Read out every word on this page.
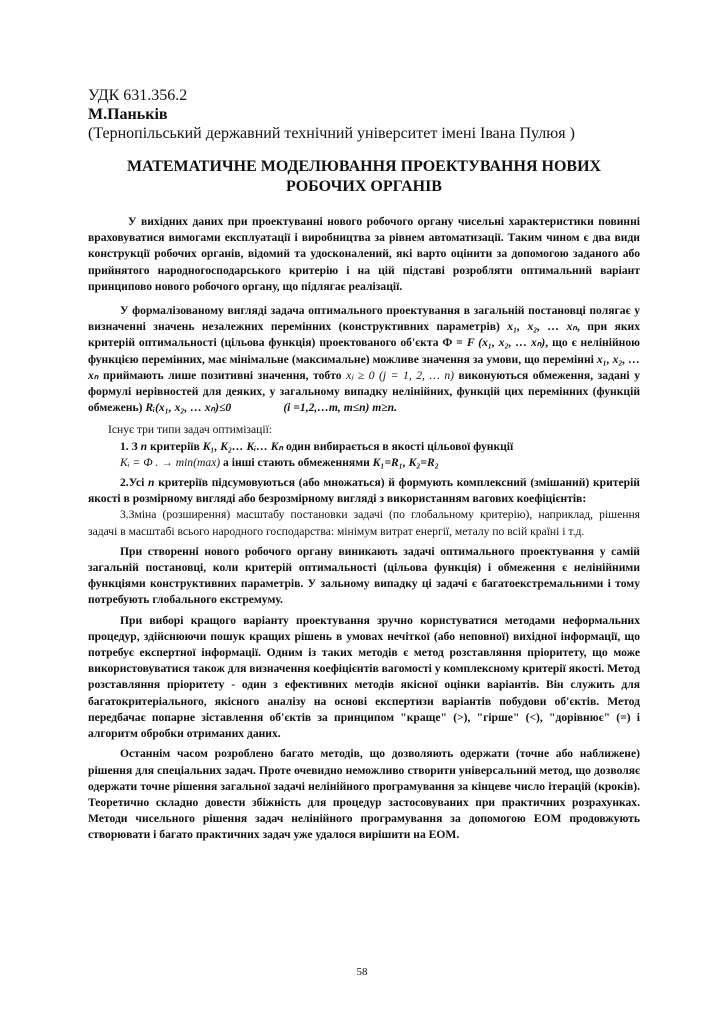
УДК 631.356.2
М.Паньків
(Тернопільський державний технічний університет імені Івана Пулюя )
МАТЕМАТИЧНЕ МОДЕЛЮВАННЯ ПРОЕКТУВАННЯ НОВИХ
РОБОЧИХ ОРГАНІВ

У вихідних даних при проектуванні нового робочого органу чисельні характеристики повинні враховуватися вимогами експлуатації і виробництва за рівнем автоматизації. Таким чином є два види конструкції робочих органів, відомий та удосконалений, які варто оцінити за допомогою заданого або прийнятого народногосподарського критерію і на цій підставі розробляти оптимальний варіант принципово нового робочого органу, що підлягає реалізації.

У формалізованому вигляді задача оптимального проектування в загальній постановці полягає у визначенні значень незалежних перемінних (конструктивних параметрів) x₁, x₂, … xₙ, при яких критерій оптимальності (цільова функція) проектованого об'єкта Ф = F (x₁, x₂, … xₙ), що є нелінійною функцією перемінних, має мінімальне (максимальне) можливе значення за умови, що перемінні x₁, x₂, … xₙ приймають лише позитивні значення, тобто xⱼ ≥ 0 (j = 1, 2, … n) виконуються обмеження, задані у формулі нерівностей для деяких, у загальному випадку нелінійних, функцій цих перемінних (функцій обмежень) Rᵢ(x₁, x₂, … xₙ)≤0	(i =1,2,…m, m≤n) m≥n.

Існує три типи задач оптимізації:

1. З n критеріїв K₁, K₂… Kᵢ… Kₙ один вибирається в якості цільової функції

Kᵢ = Ф . → min(max) а інші стають обмеженнями K₁=R₁, K₂=R₂

2.Усі n критеріїв підсумовуються (або множаться) й формують комплексний (змішаний) критерій якості в розмірному вигляді або безрозмірному вигляді з використанням вагових коефіцієнтів:

3.Зміна (розширення) масштабу постановки задачі (по глобальному критерію), наприклад, рішення задачі в масштабі всього народного господарства: мінімум витрат енергії, металу по всій країні і т.д.

При створенні нового робочого органу виникають задачі оптимального проектування у самій загальній постановці, коли критерій оптимальності (цільова функція) і обмеження є нелінійними функціями конструктивних параметрів. У зальному випадку ці задачі є багатоекстремальними і тому потребують глобального екстремуму.

При виборі кращого варіанту проектування зручно користуватися методами неформальних процедур, здійснюючи пошук кращих рішень в умовах нечіткої (або неповної) вихідної інформації, що потребує експертної інформації. Одним із таких методів є метод розставляння пріоритету, що може використовуватися також для визначення коефіцієнтів вагомості у комплексному критерії якості. Метод розставляння пріоритету - один з ефективних методів якісної оцінки варіантів. Він служить для багатокритеріального, якісного аналізу на основі експертизи варіантів побудови об'єктів. Метод передбачає попарне зіставлення об'єктів за принципом "краще" (>), "гірше" (<), "дорівнює" (=) і алгоритм обробки отриманих даних.

Останнім часом розроблено багато методів, що дозволяють одержати (точне або наближене) рішення для спеціальних задач. Проте очевидно неможливо створити універсальний метод, що дозволяє одержати точне рішення загальної задачі нелінійного програмування за кінцеве число ітерацій (кроків). Теоретично складно довести збіжність для процедур застосовуваних при практичних розрахунках. Методи чисельного рішення задач нелінійного програмування за допомогою ЕОМ продовжують створювати і багато практичних задач уже удалося вирішити на ЕОМ.

58
